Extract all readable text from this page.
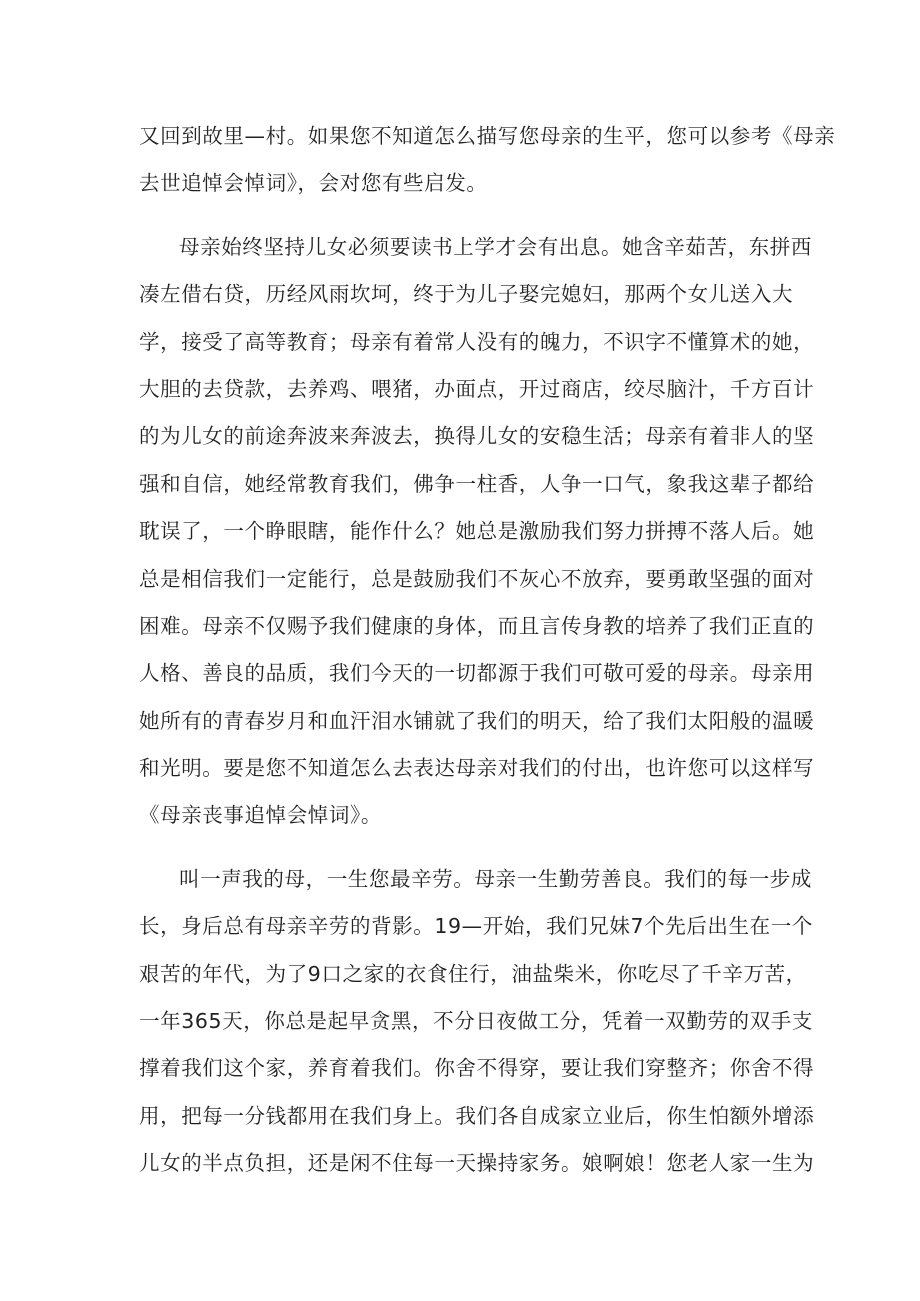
又回到故里—村。如果您不知道怎么描写您母亲的生平，您可以参考《母亲
去世追悼会悼词》，会对您有些启发。
母亲始终坚持儿女必须要读书上学才会有出息。她含辛茹苦，东拼西
凑左借右贷，历经风雨坎坷，终于为儿子娶完媳妇，那两个女儿送入大
学，接受了高等教育；母亲有着常人没有的魄力，不识字不懂算术的她，
大胆的去贷款，去养鸡、喂猪，办面点，开过商店，绞尽脑汁，千方百计
的为儿女的前途奔波来奔波去，换得儿女的安稳生活；母亲有着非人的坚
强和自信，她经常教育我们，佛争一柱香，人争一口气，象我这辈子都给
耽误了，一个睁眼瞎，能作什么？她总是激励我们努力拼搏不落人后。她
总是相信我们一定能行，总是鼓励我们不灰心不放弃，要勇敢坚强的面对
困难。母亲不仅赐予我们健康的身体，而且言传身教的培养了我们正直的
人格、善良的品质，我们今天的一切都源于我们可敬可爱的母亲。母亲用
她所有的青春岁月和血汗泪水铺就了我们的明天，给了我们太阳般的温暖
和光明。要是您不知道怎么去表达母亲对我们的付出，也许您可以这样写
《母亲丧事追悼会悼词》。
叫一声我的母，一生您最辛劳。母亲一生勤劳善良。我们的每一步成
长，身后总有母亲辛劳的背影。19—开始，我们兄妹7个先后出生在一个
艰苦的年代，为了9口之家的衣食住行，油盐柴米，你吃尽了千辛万苦，
一年365天，你总是起早贪黑，不分日夜做工分，凭着一双勤劳的双手支
撑着我们这个家，养育着我们。你舍不得穿，要让我们穿整齐；你舍不得
用，把每一分钱都用在我们身上。我们各自成家立业后，你生怕额外增添
儿女的半点负担，还是闲不住每一天操持家务。娘啊娘！您老人家一生为
